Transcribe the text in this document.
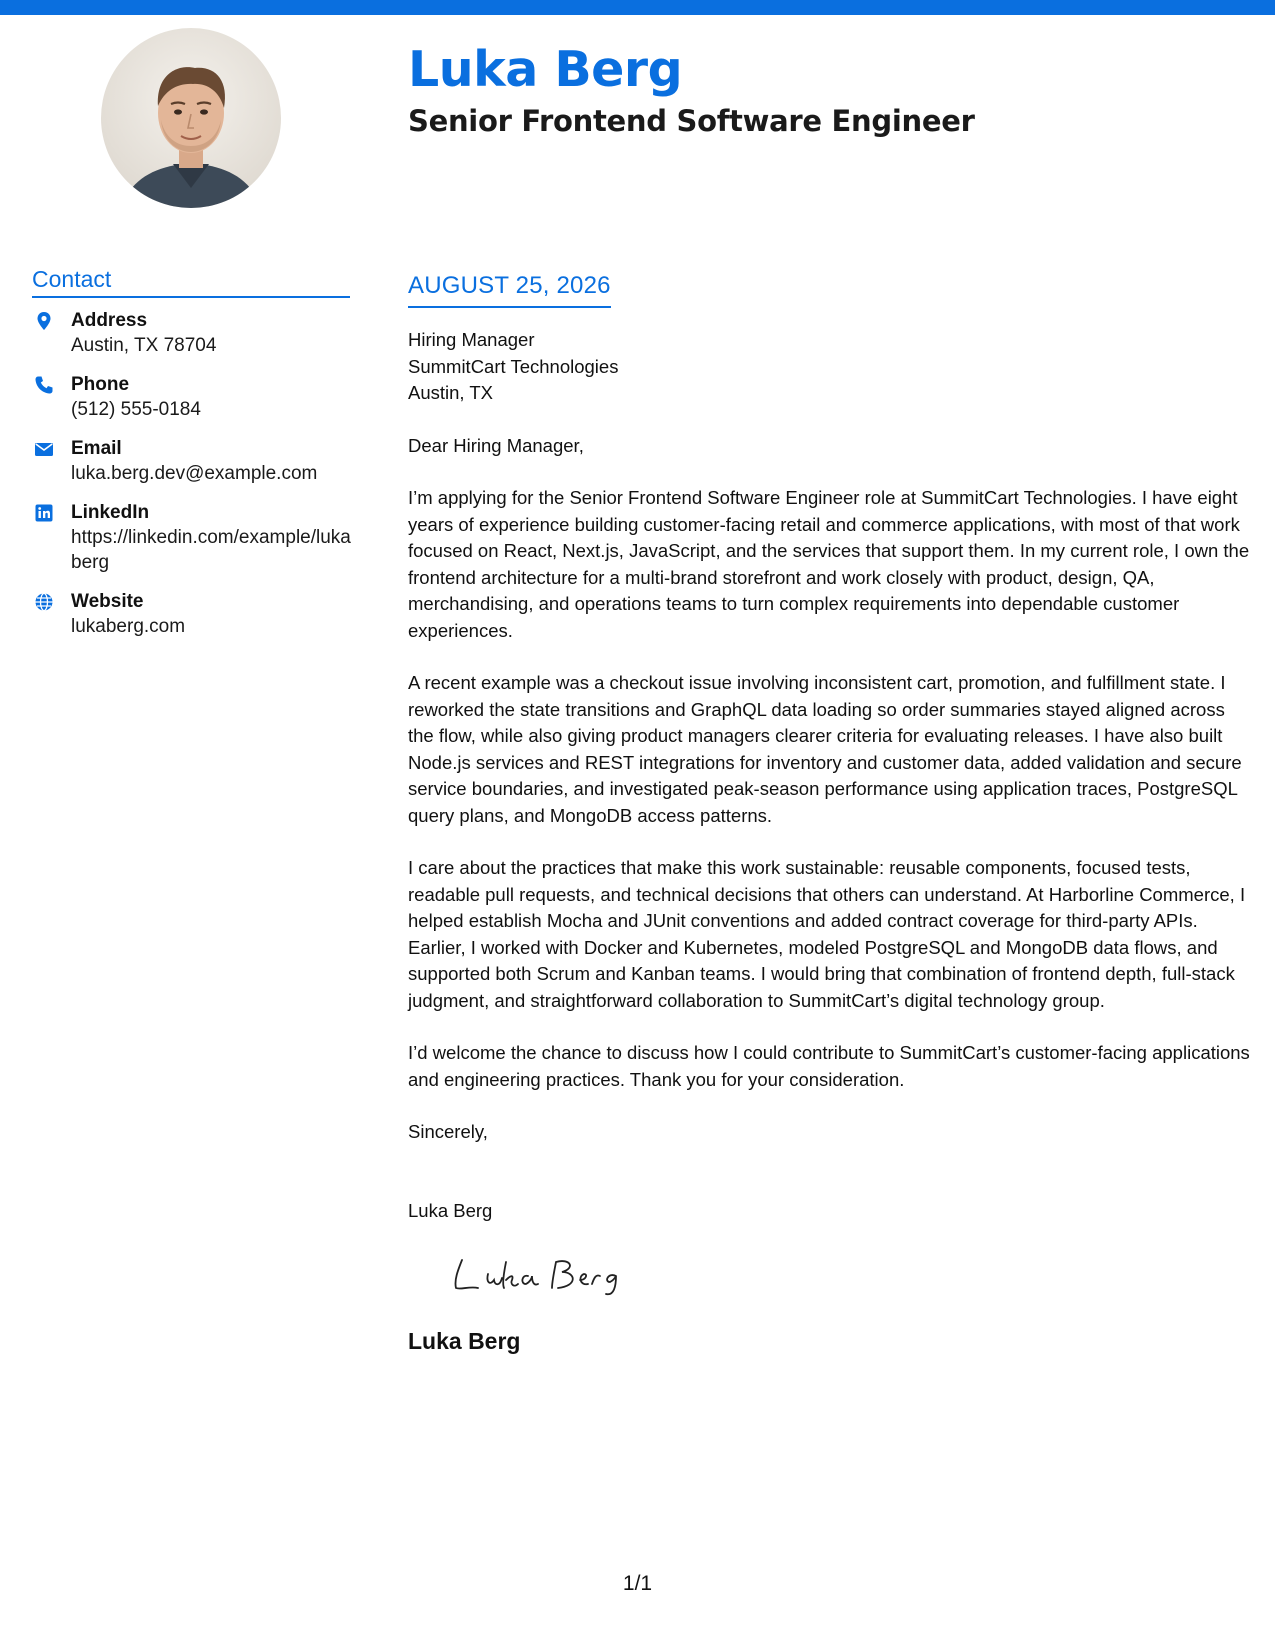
Luka Berg
Senior Frontend Software Engineer
Contact
Address
Austin, TX 78704
Phone
(512) 555-0184
Email
luka.berg.dev@example.com
LinkedIn
https://linkedin.com/example/lukaberg
Website
lukaberg.com
AUGUST 25, 2026
Hiring Manager
SummitCart Technologies
Austin, TX

Dear Hiring Manager,

I’m applying for the Senior Frontend Software Engineer role at SummitCart Technologies. I have eight years of experience building customer-facing retail and commerce applications, with most of that work focused on React, Next.js, JavaScript, and the services that support them. In my current role, I own the frontend architecture for a multi-brand storefront and work closely with product, design, QA, merchandising, and operations teams to turn complex requirements into dependable customer experiences.

A recent example was a checkout issue involving inconsistent cart, promotion, and fulfillment state. I reworked the state transitions and GraphQL data loading so order summaries stayed aligned across the flow, while also giving product managers clearer criteria for evaluating releases. I have also built Node.js services and REST integrations for inventory and customer data, added validation and secure service boundaries, and investigated peak-season performance using application traces, PostgreSQL query plans, and MongoDB access patterns.

I care about the practices that make this work sustainable: reusable components, focused tests, readable pull requests, and technical decisions that others can understand. At Harborline Commerce, I helped establish Mocha and JUnit conventions and added contract coverage for third-party APIs. Earlier, I worked with Docker and Kubernetes, modeled PostgreSQL and MongoDB data flows, and supported both Scrum and Kanban teams. I would bring that combination of frontend depth, full-stack judgment, and straightforward collaboration to SummitCart’s digital technology group.

I’d welcome the chance to discuss how I could contribute to SummitCart’s customer-facing applications and engineering practices. Thank you for your consideration.

Sincerely,

Luka Berg

Luka Berg
1/1
